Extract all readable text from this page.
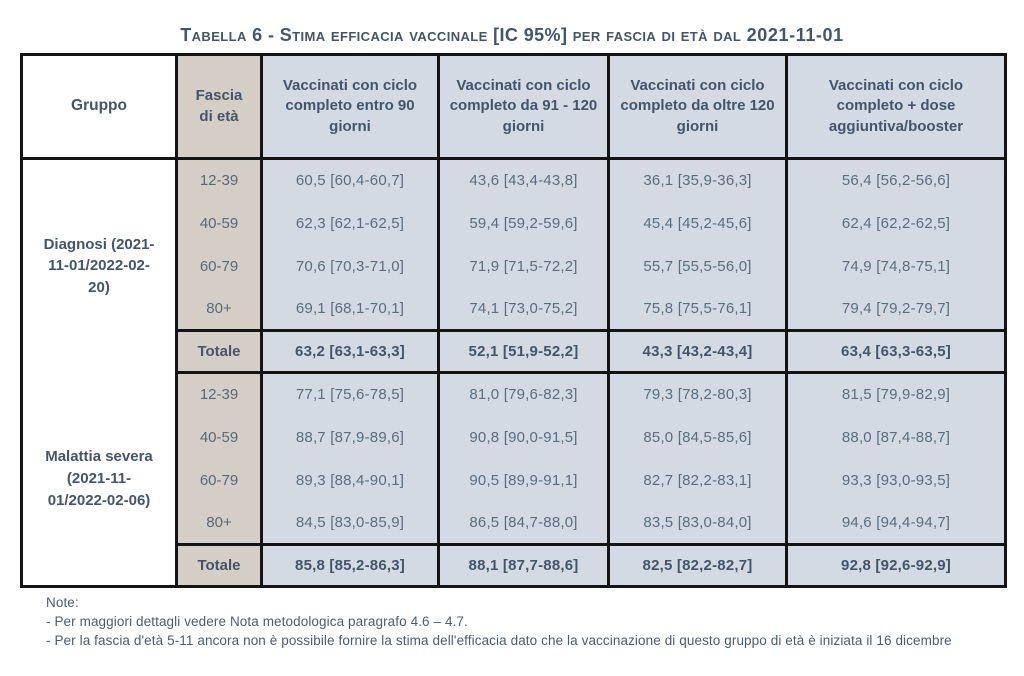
Tabella 6 - Stima efficacia vaccinale [IC 95%] per fascia di età dal 2021-11-01
Gruppo	Fascia di età	Vaccinati con ciclo completo entro 90 giorni	Vaccinati con ciclo completo da 91 - 120 giorni	Vaccinati con ciclo completo da oltre 120 giorni	Vaccinati con ciclo completo + dose aggiuntiva/booster
Diagnosi (2021-11-01/2022-02-20)	12-39	60,5 [60,4-60,7]	43,6 [43,4-43,8]	36,1 [35,9-36,3]	56,4 [56,2-56,6]
	40-59	62,3 [62,1-62,5]	59,4 [59,2-59,6]	45,4 [45,2-45,6]	62,4 [62,2-62,5]
	60-79	70,6 [70,3-71,0]	71,9 [71,5-72,2]	55,7 [55,5-56,0]	74,9 [74,8-75,1]
	80+	69,1 [68,1-70,1]	74,1 [73,0-75,2]	75,8 [75,5-76,1]	79,4 [79,2-79,7]
	Totale	63,2 [63,1-63,3]	52,1 [51,9-52,2]	43,3 [43,2-43,4]	63,4 [63,3-63,5]
Malattia severa (2021-11-01/2022-02-06)	12-39	77,1 [75,6-78,5]	81,0 [79,6-82,3]	79,3 [78,2-80,3]	81,5 [79,9-82,9]
	40-59	88,7 [87,9-89,6]	90,8 [90,0-91,5]	85,0 [84,5-85,6]	88,0 [87,4-88,7]
	60-79	89,3 [88,4-90,1]	90,5 [89,9-91,1]	82,7 [82,2-83,1]	93,3 [93,0-93,5]
	80+	84,5 [83,0-85,9]	86,5 [84,7-88,0]	83,5 [83,0-84,0]	94,6 [94,4-94,7]
	Totale	85,8 [85,2-86,3]	88,1 [87,7-88,6]	82,5 [82,2-82,7]	92,8 [92,6-92,9]
Note:
- Per maggiori dettagli vedere Nota metodologica paragrafo 4.6 – 4.7.
- Per la fascia d'età 5-11 ancora non è possibile fornire la stima dell'efficacia dato che la vaccinazione di questo gruppo di età è iniziata il 16 dicembre
